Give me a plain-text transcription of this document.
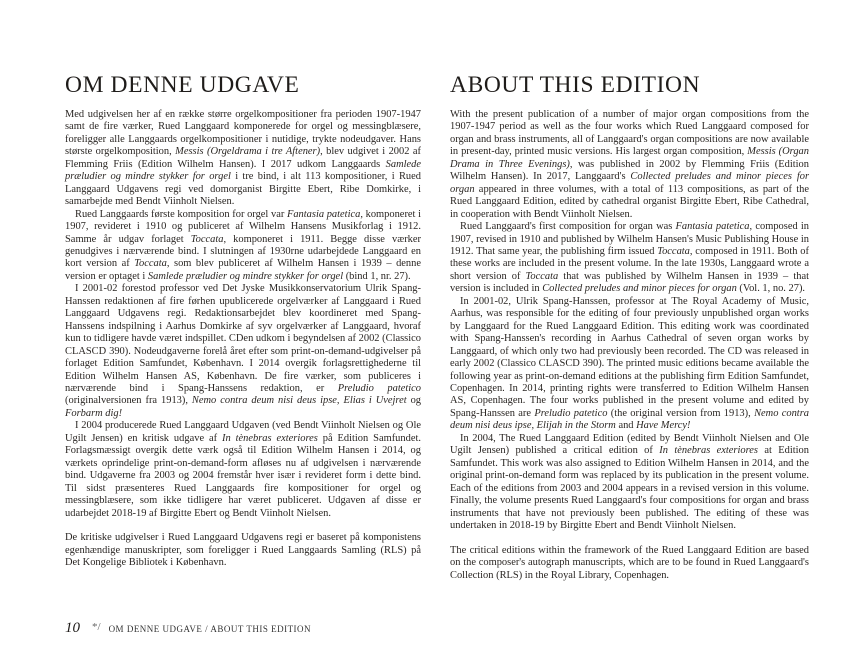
OM DENNE UDGAVE

Med udgivelsen her af en række større orgelkompositioner fra perioden 1907-1947 samt de fire værker, Rued Langgaard komponerede for orgel og messingblæsere, foreligger alle Langgaards orgelkompositioner i nutidige, trykte nodeudgaver. Hans største orgelkomposition, Messis (Orgeldrama i tre Aftener), blev udgivet i 2002 af Flemming Friis (Edition Wilhelm Hansen). I 2017 udkom Langgaards Samlede præludier og mindre stykker for orgel i tre bind, i alt 113 kompositioner, i Rued Langgaard Udgavens regi ved domorganist Birgitte Ebert, Ribe Domkirke, i samarbejde med Bendt Viinholt Nielsen.

Rued Langgaards første komposition for orgel var Fantasia patetica, komponeret i 1907, revideret i 1910 og publiceret af Wilhelm Hansens Musikforlag i 1912. Samme år udgav forlaget Toccata, komponeret i 1911. Begge disse værker genudgives i nærværende bind. I slutningen af 1930rne udarbejdede Langgaard en kort version af Toccata, som blev publiceret af Wilhelm Hansen i 1939 – denne version er optaget i Samlede præludier og mindre stykker for orgel (bind 1, nr. 27).

I 2001-02 forestod professor ved Det Jyske Musikkonservatorium Ulrik Spang-Hanssen redaktionen af fire førhen upublicerede orgelværker af Langgaard i Rued Langgaard Udgavens regi. Redaktionsarbejdet blev koordineret med Spang-Hanssens indspilning i Aarhus Domkirke af syv orgelværker af Langgaard, hvoraf kun to tidligere havde været indspillet. CDen udkom i begyndelsen af 2002 (Classico CLASCD 390). Nodeudgaverne forelå året efter som print-on-demand-udgivelser på forlaget Edition Samfundet, København. I 2014 overgik forlagsrettighederne til Edition Wilhelm Hansen AS, København. De fire værker, som publiceres i nærværende bind i Spang-Hanssens redaktion, er Preludio patetico (originalversionen fra 1913), Nemo contra deum nisi deus ipse, Elias i Uvejret og Forbarm dig!

I 2004 producerede Rued Langgaard Udgaven (ved Bendt Viinholt Nielsen og Ole Ugilt Jensen) en kritisk udgave af In tènebras exteriores på Edition Samfundet. Forlagsmæssigt overgik dette værk også til Edition Wilhelm Hansen i 2014, og værkets oprindelige print-on-demand-form afløses nu af udgivelsen i nærværende bind. Udgaverne fra 2003 og 2004 fremstår hver især i revideret form i dette bind. Til sidst præsenteres Rued Langgaards fire kompositioner for orgel og messingblæsere, som ikke tidligere har været publiceret. Udgaven af disse er udarbejdet 2018-19 af Birgitte Ebert og Bendt Viinholt Nielsen.

De kritiske udgivelser i Rued Langgaard Udgavens regi er baseret på komponistens egenhændige manuskripter, som foreligger i Rued Langgaards Samling (RLS) på Det Kongelige Bibliotek i København.

ABOUT THIS EDITION

With the present publication of a number of major organ compositions from the 1907-1947 period as well as the four works which Rued Langgaard composed for organ and brass instruments, all of Langgaard's organ compositions are now available in present-day, printed music versions. His largest organ composition, Messis (Organ Drama in Three Evenings), was published in 2002 by Flemming Friis (Edition Wilhelm Hansen). In 2017, Langgaard's Collected preludes and minor pieces for organ appeared in three volumes, with a total of 113 compositions, as part of the Rued Langgaard Edition, edited by cathedral organist Birgitte Ebert, Ribe Cathedral, in cooperation with Bendt Viinholt Nielsen.

Rued Langgaard's first composition for organ was Fantasia patetica, composed in 1907, revised in 1910 and published by Wilhelm Hansen's Music Publishing House in 1912. That same year, the publishing firm issued Toccata, composed in 1911. Both of these works are included in the present volume. In the late 1930s, Langgaard wrote a short version of Toccata that was published by Wilhelm Hansen in 1939 – that version is included in Collected preludes and minor pieces for organ (Vol. 1, no. 27).

In 2001-02, Ulrik Spang-Hanssen, professor at The Royal Academy of Music, Aarhus, was responsible for the editing of four previously unpublished organ works by Langgaard for the Rued Langgaard Edition. This editing work was coordinated with Spang-Hanssen's recording in Aarhus Cathedral of seven organ works by Langgaard, of which only two had previously been recorded. The CD was released in early 2002 (Classico CLASCD 390). The printed music editions became available the following year as print-on-demand editions at the publishing firm Edition Samfundet, Copenhagen. In 2014, printing rights were transferred to Edition Wilhelm Hansen AS, Copenhagen. The four works published in the present volume and edited by Spang-Hanssen are Preludio patetico (the original version from 1913), Nemo contra deum nisi deus ipse, Elijah in the Storm and Have Mercy!

In 2004, The Rued Langgaard Edition (edited by Bendt Viinholt Nielsen and Ole Ugilt Jensen) published a critical edition of In tènebras exteriores at Edition Samfundet. This work was also assigned to Edition Wilhelm Hansen in 2014, and the original print-on-demand form was replaced by its publication in the present volume. Each of the editions from 2003 and 2004 appears in a revised version in this volume. Finally, the volume presents Rued Langgaard's four compositions for organ and brass instruments that have not previously been published. The editing of these was undertaken in 2018-19 by Birgitte Ebert and Bendt Viinholt Nielsen.

The critical editions within the framework of the Rued Langgaard Edition are based on the composer's autograph manuscripts, which are to be found in Rued Langgaard's Collection (RLS) in the Royal Library, Copenhagen.

10 */ OM DENNE UDGAVE / ABOUT THIS EDITION
